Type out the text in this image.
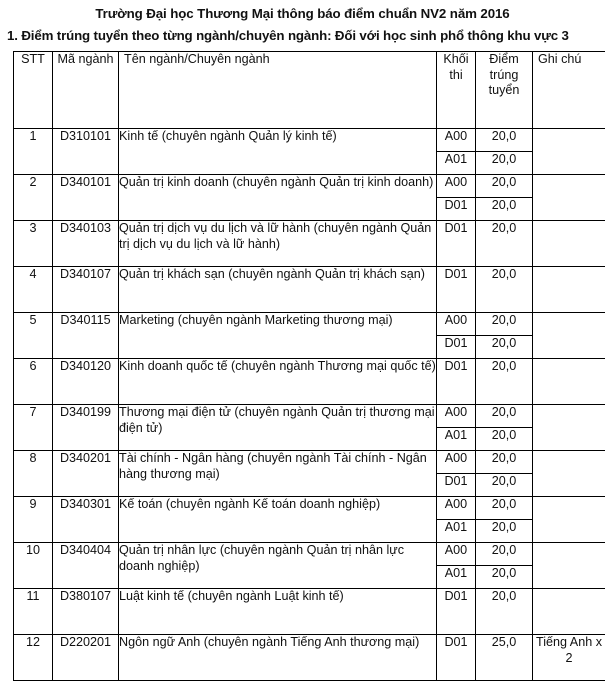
Trường Đại học Thương Mại thông báo điểm chuẩn NV2 năm 2016
1. Điểm trúng tuyển theo từng ngành/chuyên ngành: Đối với học sinh phổ thông khu vực 3
STT	Mã ngành	Tên ngành/Chuyên ngành	Khối thi	Điểm trúng tuyển	Ghi chú
1	D310101	Kinh tế (chuyên ngành Quản lý kinh tế)	A00	20,0	
			A01	20,0	
2	D340101	Quản trị kinh doanh (chuyên ngành Quản trị kinh doanh)	A00	20,0	
			D01	20,0	
3	D340103	Quản trị dịch vụ du lịch và lữ hành (chuyên ngành Quản trị dịch vụ du lịch và lữ hành)	D01	20,0	
4	D340107	Quản trị khách sạn (chuyên ngành Quản trị khách sạn)	D01	20,0	
5	D340115	Marketing (chuyên ngành Marketing thương mại)	A00	20,0	
			D01	20,0	
6	D340120	Kinh doanh quốc tế (chuyên ngành Thương mại quốc tế)	D01	20,0	
7	D340199	Thương mại điện tử (chuyên ngành Quản trị thương mại điện tử)	A00	20,0	
			A01	20,0	
8	D340201	Tài chính - Ngân hàng (chuyên ngành Tài chính - Ngân hàng thương mại)	A00	20,0	
			D01	20,0	
9	D340301	Kế toán (chuyên ngành Kế toán doanh nghiệp)	A00	20,0	
			A01	20,0	
10	D340404	Quản trị nhân lực (chuyên ngành Quản trị nhân lực doanh nghiệp)	A00	20,0	
			A01	20,0	
11	D380107	Luật kinh tế (chuyên ngành Luật kinh tế)	D01	20,0	
12	D220201	Ngôn ngữ Anh (chuyên ngành Tiếng Anh thương mại)	D01	25,0	Tiếng Anh x 2
